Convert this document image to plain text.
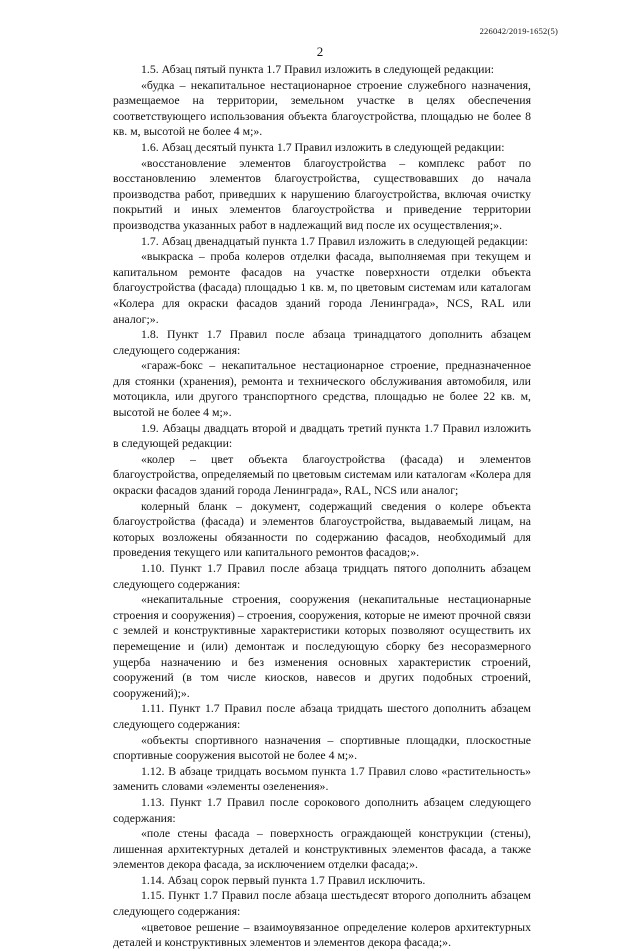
226042/2019-1652(5)
2

1.5. Абзац пятый пункта 1.7 Правил изложить в следующей редакции:

«будка – некапитальное нестационарное строение служебного назначения, размещаемое на территории, земельном участке в целях обеспечения соответствующего использования объекта благоустройства, площадью не более 8 кв. м, высотой не более 4 м;».

1.6. Абзац десятый пункта 1.7 Правил изложить в следующей редакции:

«восстановление элементов благоустройства – комплекс работ по восстановлению элементов благоустройства, существовавших до начала производства работ, приведших к нарушению благоустройства, включая очистку покрытий и иных элементов благоустройства и приведение территории производства указанных работ в надлежащий вид после их осуществления;».

1.7. Абзац двенадцатый пункта 1.7 Правил изложить в следующей редакции:

«выкраска – проба колеров отделки фасада, выполняемая при текущем и капитальном ремонте фасадов на участке поверхности отделки объекта благоустройства (фасада) площадью 1 кв. м, по цветовым системам или каталогам «Колера для окраски фасадов зданий города Ленинграда», NCS, RAL или аналог;».

1.8. Пункт 1.7 Правил после абзаца тринадцатого дополнить абзацем следующего содержания:

«гараж-бокс – некапитальное нестационарное строение, предназначенное для стоянки (хранения), ремонта и технического обслуживания автомобиля, или мотоцикла, или другого транспортного средства, площадью не более 22 кв. м, высотой не более 4 м;».

1.9. Абзацы двадцать второй и двадцать третий пункта 1.7 Правил изложить в следующей редакции:

«колер – цвет объекта благоустройства (фасада) и элементов благоустройства, определяемый по цветовым системам или каталогам «Колера для окраски фасадов зданий города Ленинграда», RAL, NCS или аналог;

колерный бланк – документ, содержащий сведения о колере объекта благоустройства (фасада) и элементов благоустройства, выдаваемый лицам, на которых возложены обязанности по содержанию фасадов, необходимый для проведения текущего или капитального ремонтов фасадов;».

1.10. Пункт 1.7 Правил после абзаца тридцать пятого дополнить абзацем следующего содержания:

«некапитальные строения, сооружения (некапитальные нестационарные строения и сооружения) – строения, сооружения, которые не имеют прочной связи с землей и конструктивные характеристики которых позволяют осуществить их перемещение и (или) демонтаж и последующую сборку без несоразмерного ущерба назначению и без изменения основных характеристик строений, сооружений (в том числе киосков, навесов и других подобных строений, сооружений);».

1.11. Пункт 1.7 Правил после абзаца тридцать шестого дополнить абзацем следующего содержания:

«объекты спортивного назначения – спортивные площадки, плоскостные спортивные сооружения высотой не более 4 м;».

1.12. В абзаце тридцать восьмом пункта 1.7 Правил слово «растительность» заменить словами «элементы озеленения».

1.13. Пункт 1.7 Правил после сорокового дополнить абзацем следующего содержания:

«поле стены фасада – поверхность ограждающей конструкции (стены), лишенная архитектурных деталей и конструктивных элементов фасада, а также элементов декора фасада, за исключением отделки фасада;».

1.14. Абзац сорок первый пункта 1.7 Правил исключить.

1.15. Пункт 1.7 Правил после абзаца шестьдесят второго дополнить абзацем следующего содержания:

«цветовое решение – взаимоувязанное определение колеров архитектурных деталей и конструктивных элементов и элементов декора фасада;».
